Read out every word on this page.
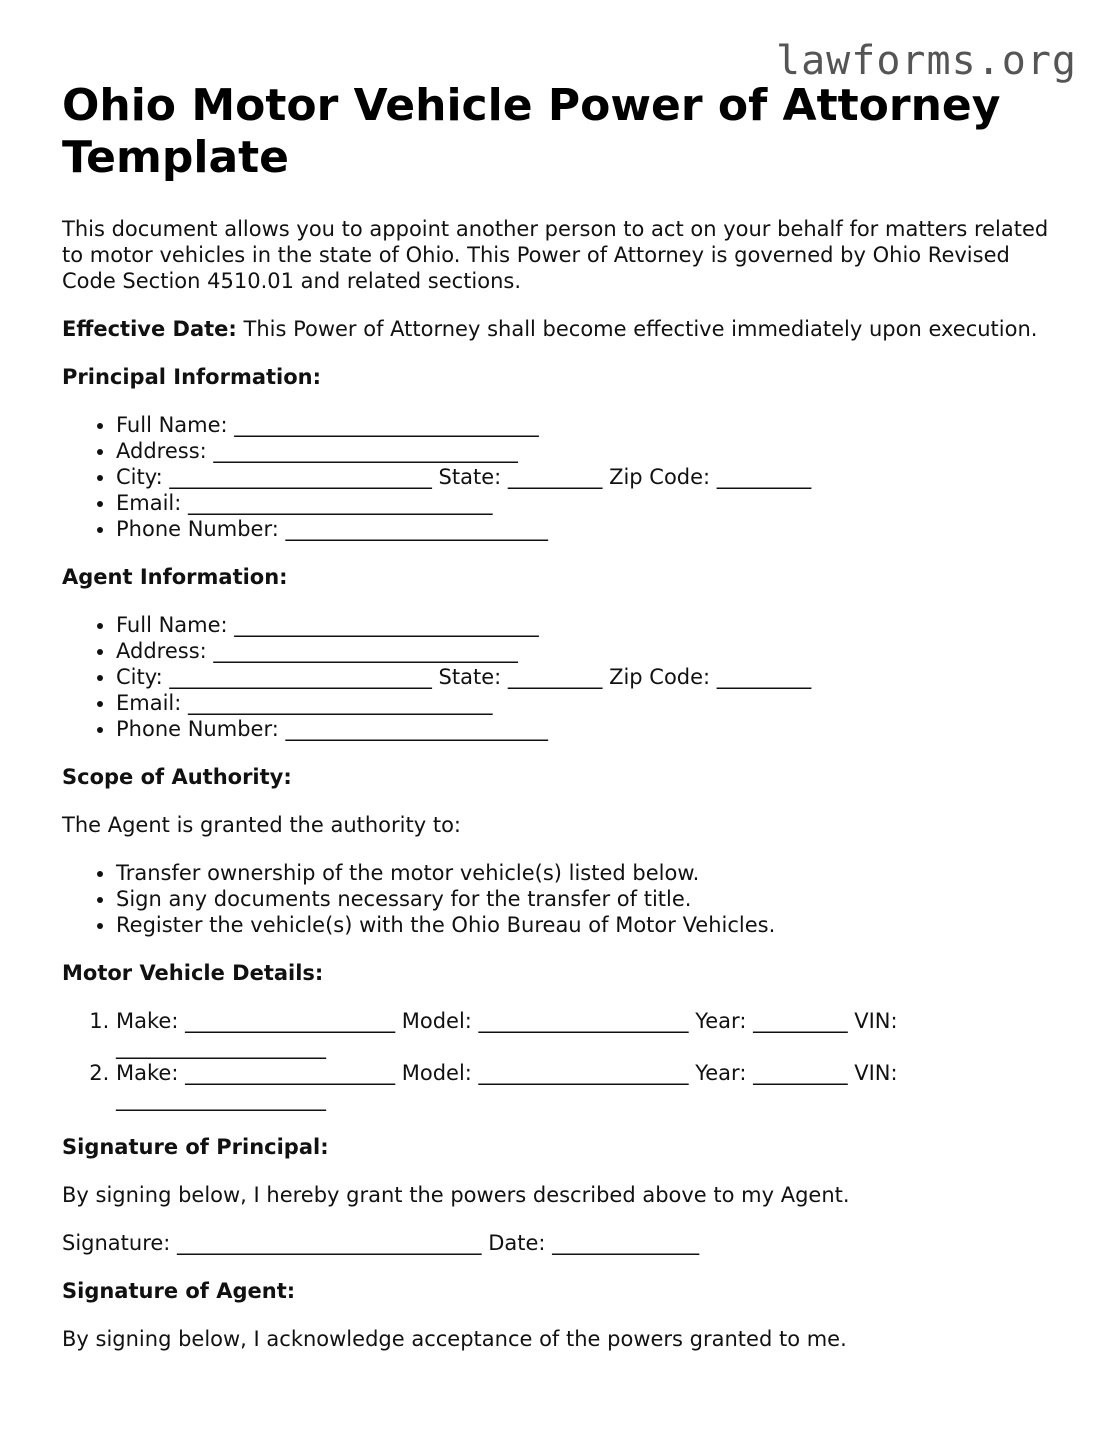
lawforms.org
Ohio Motor Vehicle Power of Attorney Template

This document allows you to appoint another person to act on your behalf for matters related to motor vehicles in the state of Ohio. This Power of Attorney is governed by Ohio Revised Code Section 4510.01 and related sections.

Effective Date: This Power of Attorney shall become effective immediately upon execution.

Principal Information:

• Full Name: _____________________________
• Address: _____________________________
• City: _________________________ State: _________ Zip Code: _________
• Email: _____________________________
• Phone Number: _________________________

Agent Information:

• Full Name: _____________________________
• Address: _____________________________
• City: _________________________ State: _________ Zip Code: _________
• Email: _____________________________
• Phone Number: _________________________

Scope of Authority:

The Agent is granted the authority to:

• Transfer ownership of the motor vehicle(s) listed below.
• Sign any documents necessary for the transfer of title.
• Register the vehicle(s) with the Ohio Bureau of Motor Vehicles.

Motor Vehicle Details:

1. Make: ____________________ Model: ____________________ Year: _________ VIN: ____________________
2. Make: ____________________ Model: ____________________ Year: _________ VIN: ____________________

Signature of Principal:

By signing below, I hereby grant the powers described above to my Agent.

Signature: _____________________________ Date: ______________

Signature of Agent:

By signing below, I acknowledge acceptance of the powers granted to me.
